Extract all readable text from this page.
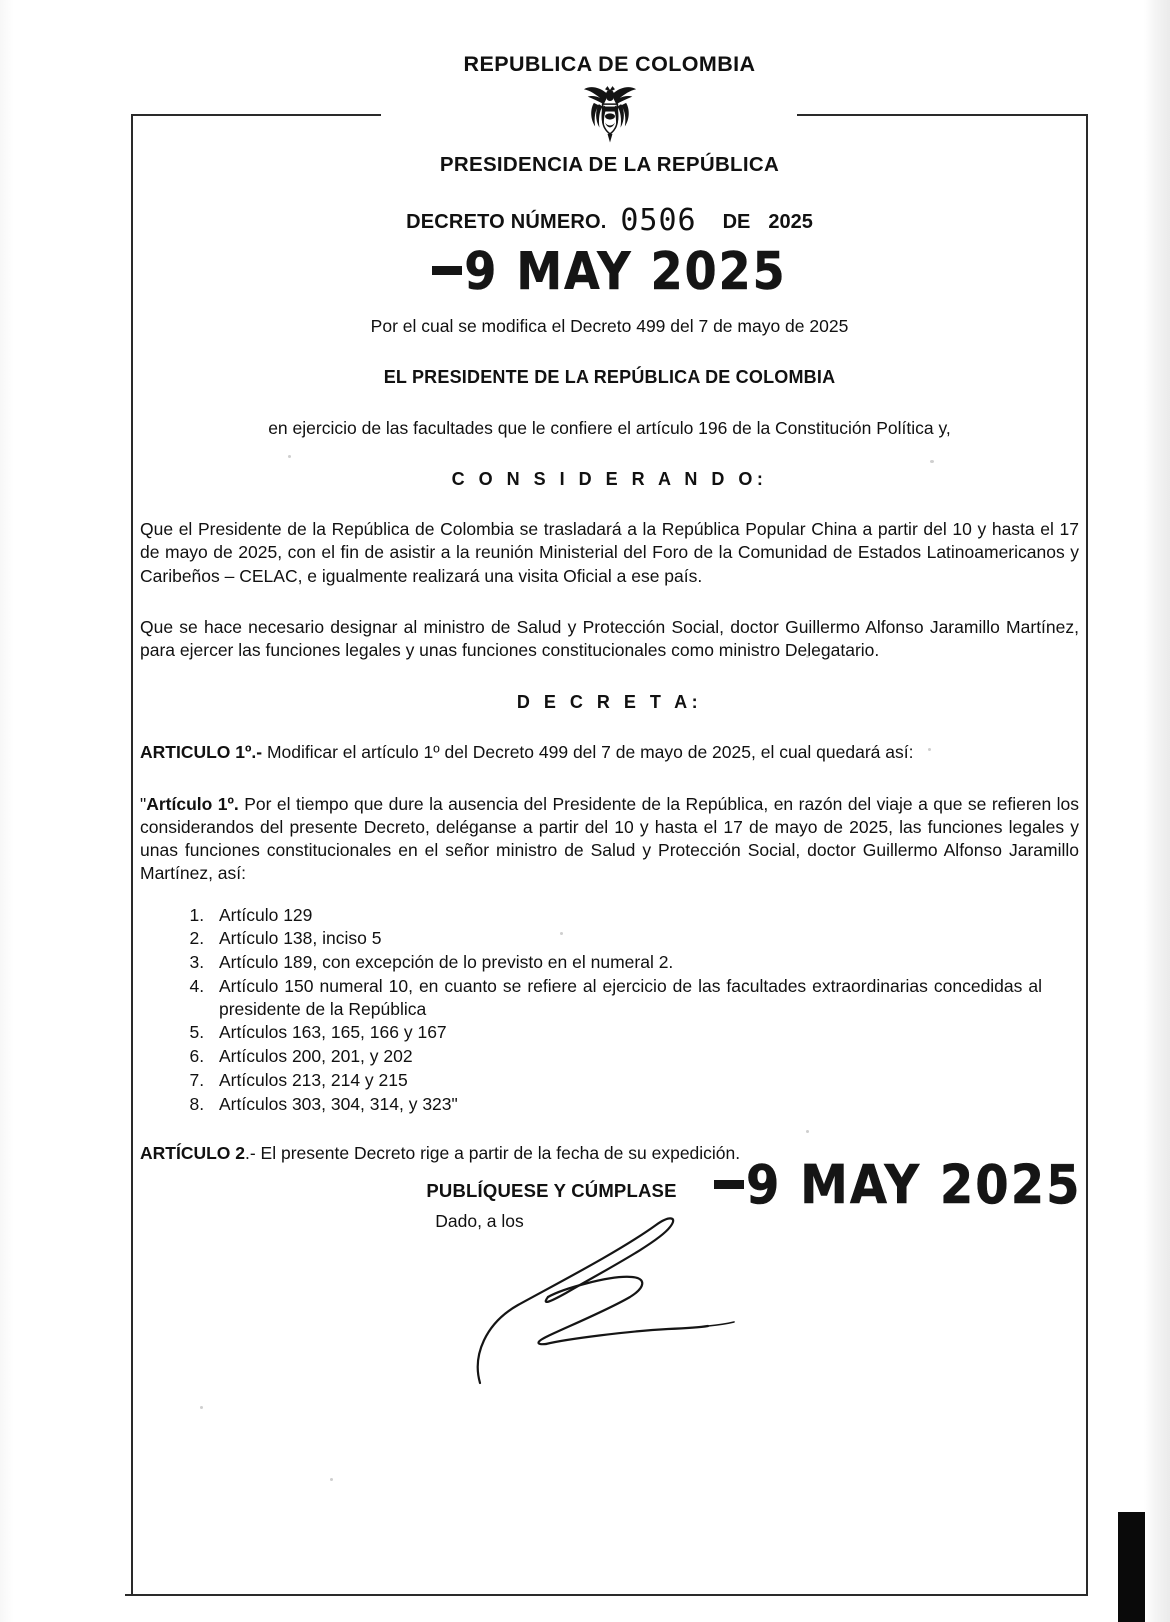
REPUBLICA DE COLOMBIA
PRESIDENCIA DE LA REPÚBLICA
DECRETO NÚMERO. 0506 DE 2025
9 MAY 2025
Por el cual se modifica el Decreto 499 del 7 de mayo de 2025
EL PRESIDENTE DE LA REPÚBLICA DE COLOMBIA
en ejercicio de las facultades que le confiere el artículo 196 de la Constitución Política y,
C O N S I D E R A N D O:
Que el Presidente de la República de Colombia se trasladará a la República Popular China a partir del 10 y hasta el 17 de mayo de 2025, con el fin de asistir a la reunión Ministerial del Foro de la Comunidad de Estados Latinoamericanos y Caribeños – CELAC, e igualmente realizará una visita Oficial a ese país.
Que se hace necesario designar al ministro de Salud y Protección Social, doctor Guillermo Alfonso Jaramillo Martínez, para ejercer las funciones legales y unas funciones constitucionales como ministro Delegatario.
D E C R E T A:
ARTICULO 1º.- Modificar el artículo 1º del Decreto 499 del 7 de mayo de 2025, el cual quedará así:
"Artículo 1º. Por el tiempo que dure la ausencia del Presidente de la República, en razón del viaje a que se refieren los considerandos del presente Decreto, deléganse a partir del 10 y hasta el 17 de mayo de 2025, las funciones legales y unas funciones constitucionales en el señor ministro de Salud y Protección Social, doctor Guillermo Alfonso Jaramillo Martínez, así:
1. Artículo 129
2. Artículo 138, inciso 5
3. Artículo 189, con excepción de lo previsto en el numeral 2.
4. Artículo 150 numeral 10, en cuanto se refiere al ejercicio de las facultades extraordinarias concedidas al presidente de la República
5. Artículos 163, 165, 166 y 167
6. Artículos 200, 201, y 202
7. Artículos 213, 214 y 215
8. Artículos 303, 304, 314, y 323"
ARTÍCULO 2.- El presente Decreto rige a partir de la fecha de su expedición.
PUBLÍQUESE Y CÚMPLASE
Dado, a los
9 MAY 2025
